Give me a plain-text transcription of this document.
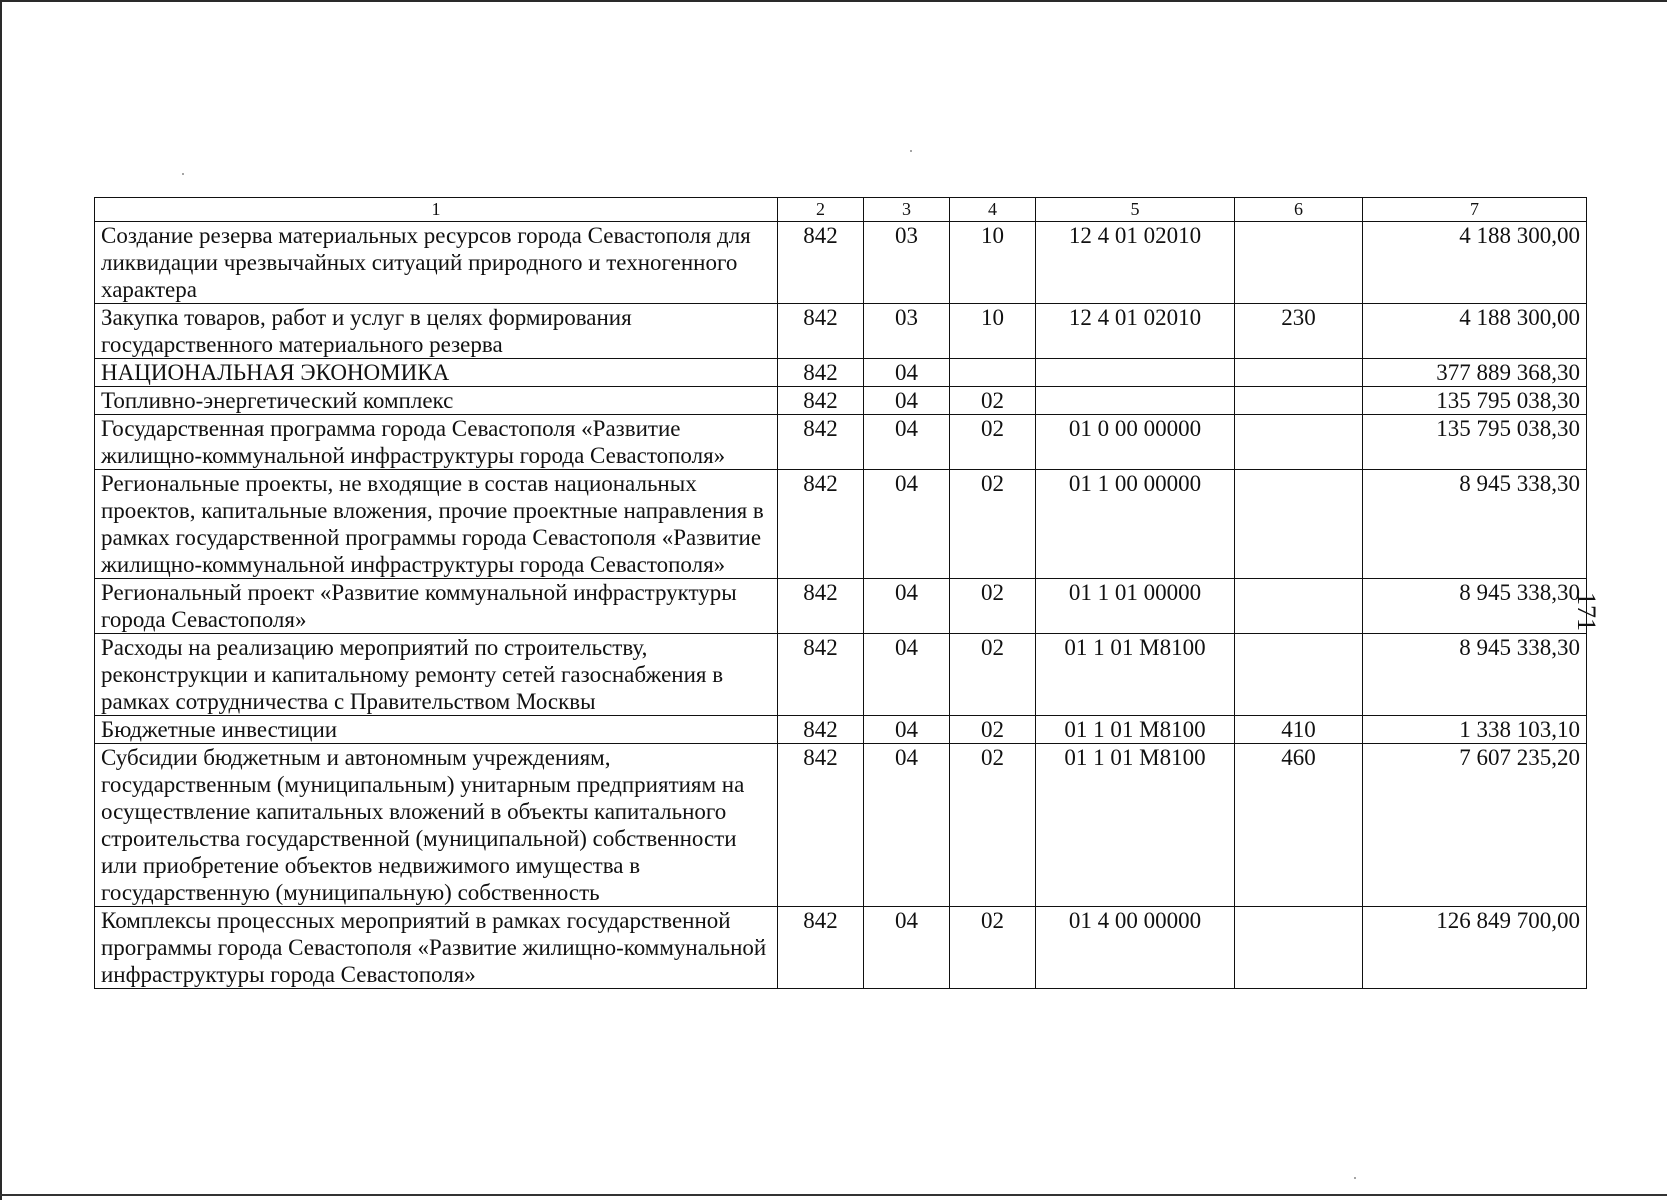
171
1	2	3	4	5	6	7
Создание резерва материальных ресурсов города Севастополя для ликвидации чрезвычайных ситуаций природного и техногенного характера	842	03	10	12 4 01 02010		4 188 300,00
Закупка товаров, работ и услуг в целях формирования государственного материального резерва	842	03	10	12 4 01 02010	230	4 188 300,00
НАЦИОНАЛЬНАЯ ЭКОНОМИКА	842	04				377 889 368,30
Топливно-энергетический комплекс	842	04	02			135 795 038,30
Государственная программа города Севастополя «Развитие жилищно-коммунальной инфраструктуры города Севастополя»	842	04	02	01 0 00 00000		135 795 038,30
Региональные проекты, не входящие в состав национальных проектов, капитальные вложения, прочие проектные направления в рамках государственной программы города Севастополя «Развитие жилищно-коммунальной инфраструктуры города Севастополя»	842	04	02	01 1 00 00000		8 945 338,30
Региональный проект «Развитие коммунальной инфраструктуры города Севастополя»	842	04	02	01 1 01 00000		8 945 338,30
Расходы на реализацию мероприятий по строительству, реконструкции и капитальному ремонту сетей газоснабжения в рамках сотрудничества с Правительством Москвы	842	04	02	01 1 01 М8100		8 945 338,30
Бюджетные инвестиции	842	04	02	01 1 01 М8100	410	1 338 103,10
Субсидии бюджетным и автономным учреждениям, государственным (муниципальным) унитарным предприятиям на осуществление капитальных вложений в объекты капитального строительства государственной (муниципальной) собственности или приобретение объектов недвижимого имущества в государственную (муниципальную) собственность	842	04	02	01 1 01 М8100	460	7 607 235,20
Комплексы процессных мероприятий в рамках государственной программы города Севастополя «Развитие жилищно-коммунальной инфраструктуры города Севастополя»	842	04	02	01 4 00 00000		126 849 700,00
